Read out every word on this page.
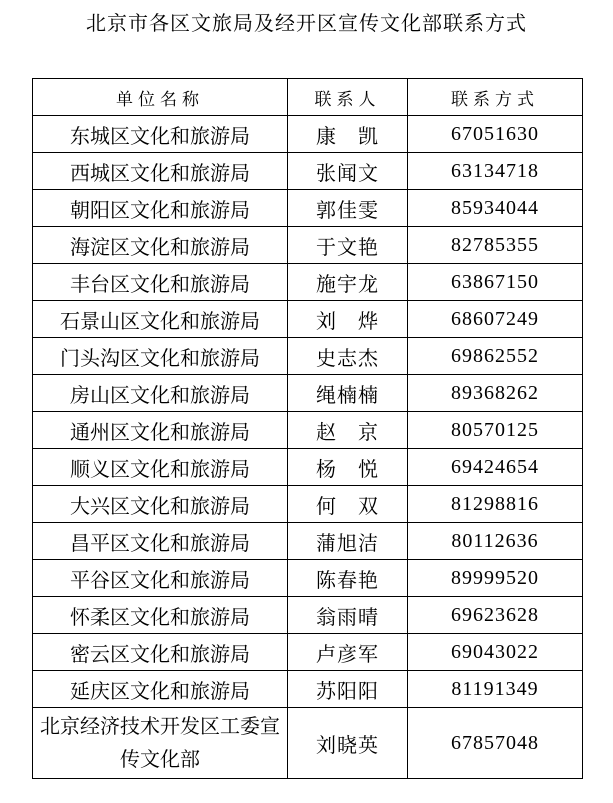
北京市各区文旅局及经开区宣传文化部联系方式
单位名称	联系人	联系方式
东城区文化和旅游局	康　凯	67051630
西城区文化和旅游局	张闻文	63134718
朝阳区文化和旅游局	郭佳雯	85934044
海淀区文化和旅游局	于文艳	82785355
丰台区文化和旅游局	施宇龙	63867150
石景山区文化和旅游局	刘　烨	68607249
门头沟区文化和旅游局	史志杰	69862552
房山区文化和旅游局	绳楠楠	89368262
通州区文化和旅游局	赵　京	80570125
顺义区文化和旅游局	杨　悦	69424654
大兴区文化和旅游局	何　双	81298816
昌平区文化和旅游局	蒲旭洁	80112636
平谷区文化和旅游局	陈春艳	89999520
怀柔区文化和旅游局	翁雨晴	69623628
密云区文化和旅游局	卢彦军	69043022
延庆区文化和旅游局	苏阳阳	81191349
北京经济技术开发区工委宣传文化部	刘晓英	67857048
